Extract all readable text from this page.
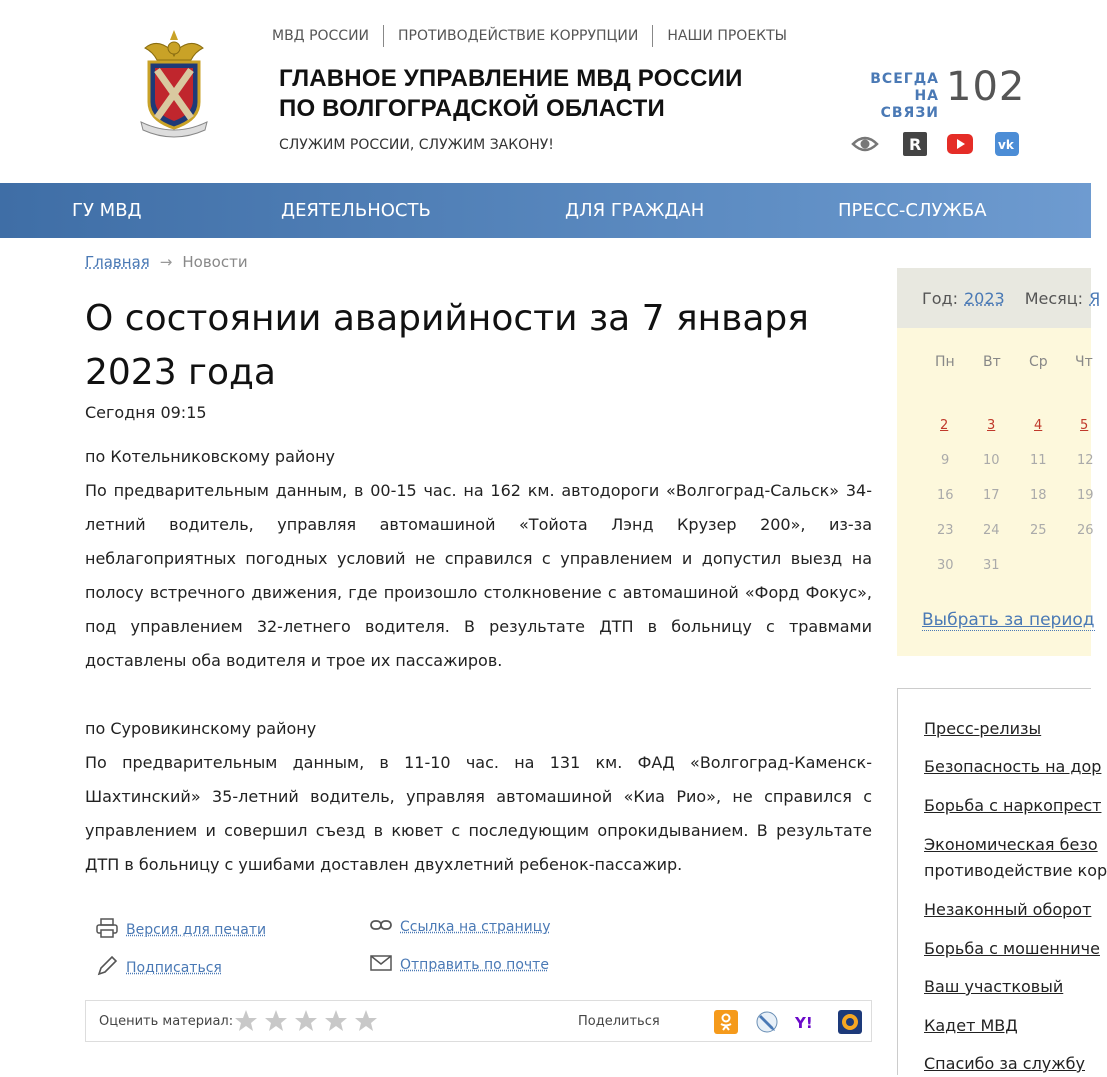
МВД РОССИИ ПРОТИВОДЕЙСТВИЕ КОРРУПЦИИ НАШИ ПРОЕКТЫ
ГЛАВНОЕ УПРАВЛЕНИЕ МВД РОССИИ
ПО ВОЛГОГРАДСКОЙ ОБЛАСТИ
СЛУЖИМ РОССИИ, СЛУЖИМ ЗАКОНУ!
ВСЕГДА
НА СВЯЗИ
102
R	vk
ГУ МВД	ДЕЯТЕЛЬНОСТЬ	ДЛЯ ГРАЖДАН	ПРЕСС-СЛУЖБА
Главная → Новости
О состоянии аварийности за 7 января 2023 года
Сегодня 09:15

по Котельниковскому району

По предварительным данным, в 00-15 час. на 162 км. автодороги «Волгоград-Сальск» 34-летний водитель, управляя автомашиной «Тойота Лэнд Крузер 200», из-за неблагоприятных погодных условий не справился с управлением и допустил выезд на полосу встречного движения, где произошло столкновение с автомашиной «Форд Фокус», под управлением 32-летнего водителя. В результате ДТП в больницу с травмами доставлены оба водителя и трое их пассажиров.

по Суровикинскому району

По предварительным данным, в 11-10 час. на 131 км. ФАД «Волгоград-Каменск-Шахтинский» 35-летний водитель, управляя автомашиной «Киа Рио», не справился с управлением и совершил съезд в кювет с последующим опрокидыванием. В результате ДТП в больницу с ушибами доставлен двухлетний ребенок-пассажир.

Версия для печати	Ссылка на страницу
Подписаться	Отправить по почте
Оценить материал:	Поделиться	Y!
Год: 2023 Месяц: Я
Пн Вт Ср Чт
2	3	4	5
9	10 11 12
16 17 18 19
23 24 25 26
30 31
Выбрать за период
Пресс-релизы
Безопасность на дор
Борьба с наркопрест
Экономическая безо
противодействие кор
Незаконный оборот
Борьба с мошенниче
Ваш участковый
Кадет МВД
Спасибо за службу
